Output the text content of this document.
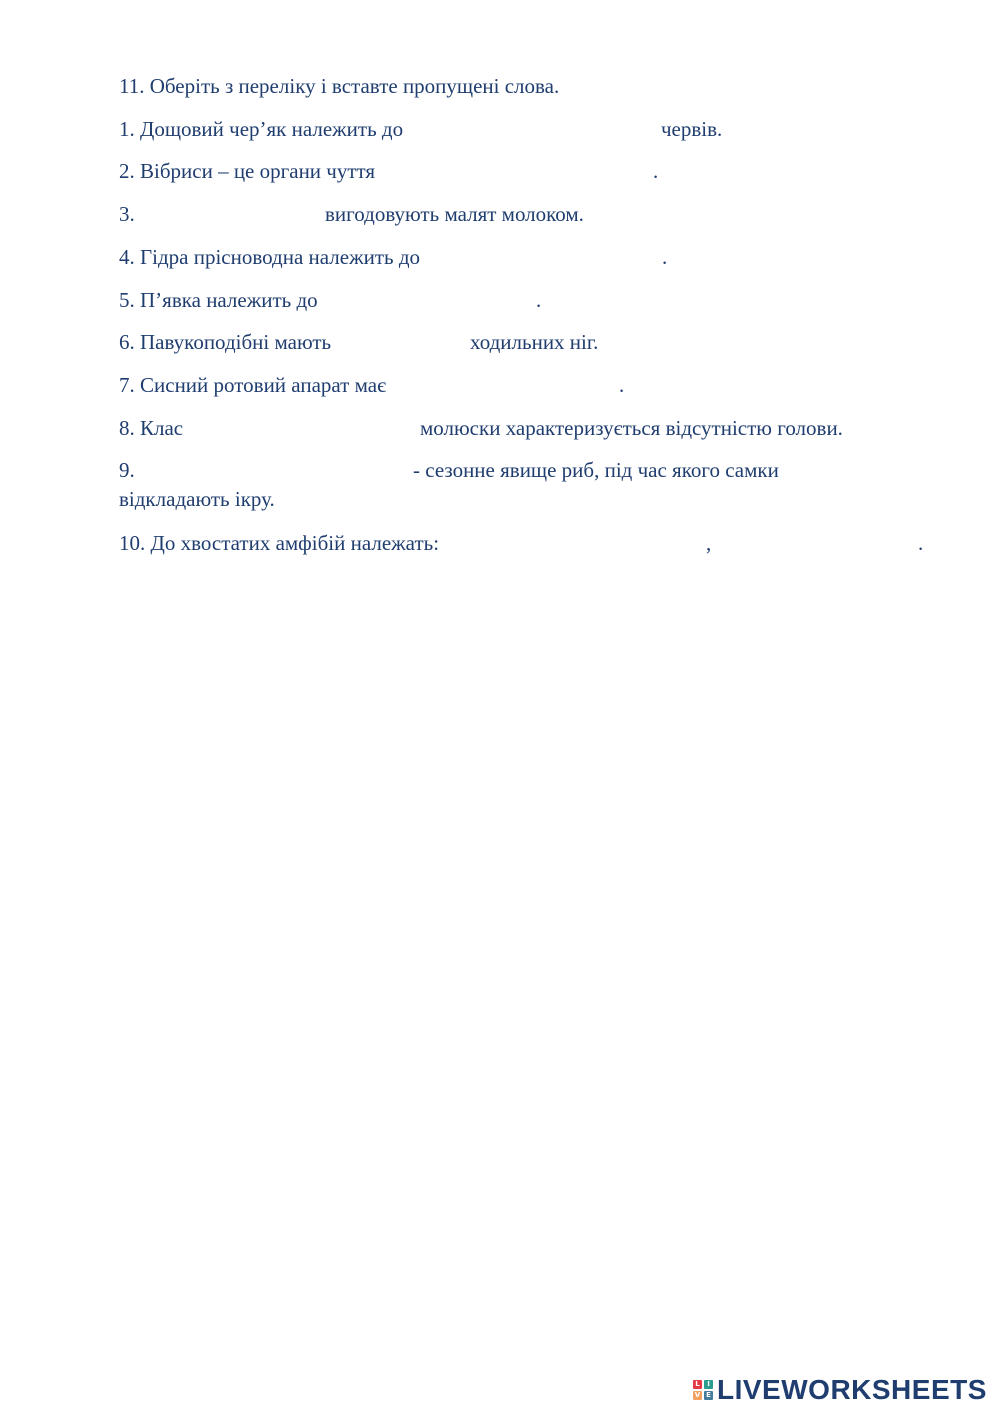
11. Оберіть з переліку і вставте пропущені слова.
1. Дощовий чер’як належить до	червів.
2. Вібриси – це органи чуття	.
3.	вигодовують малят молоком.
4. Гідра прісноводна належить до	.
5. П’явка належить до	.
6. Павукоподібні мають	ходильних ніг.
7. Сисний ротовий апарат має	.
8. Клас	молюски характеризується відсутністю голови.
9.	- сезонне явище риб, під час якого самки
відкладають ікру.
10. До хвостатих амфібій належать:	,	.
L	I
V E LIVEWORKSHEETS
